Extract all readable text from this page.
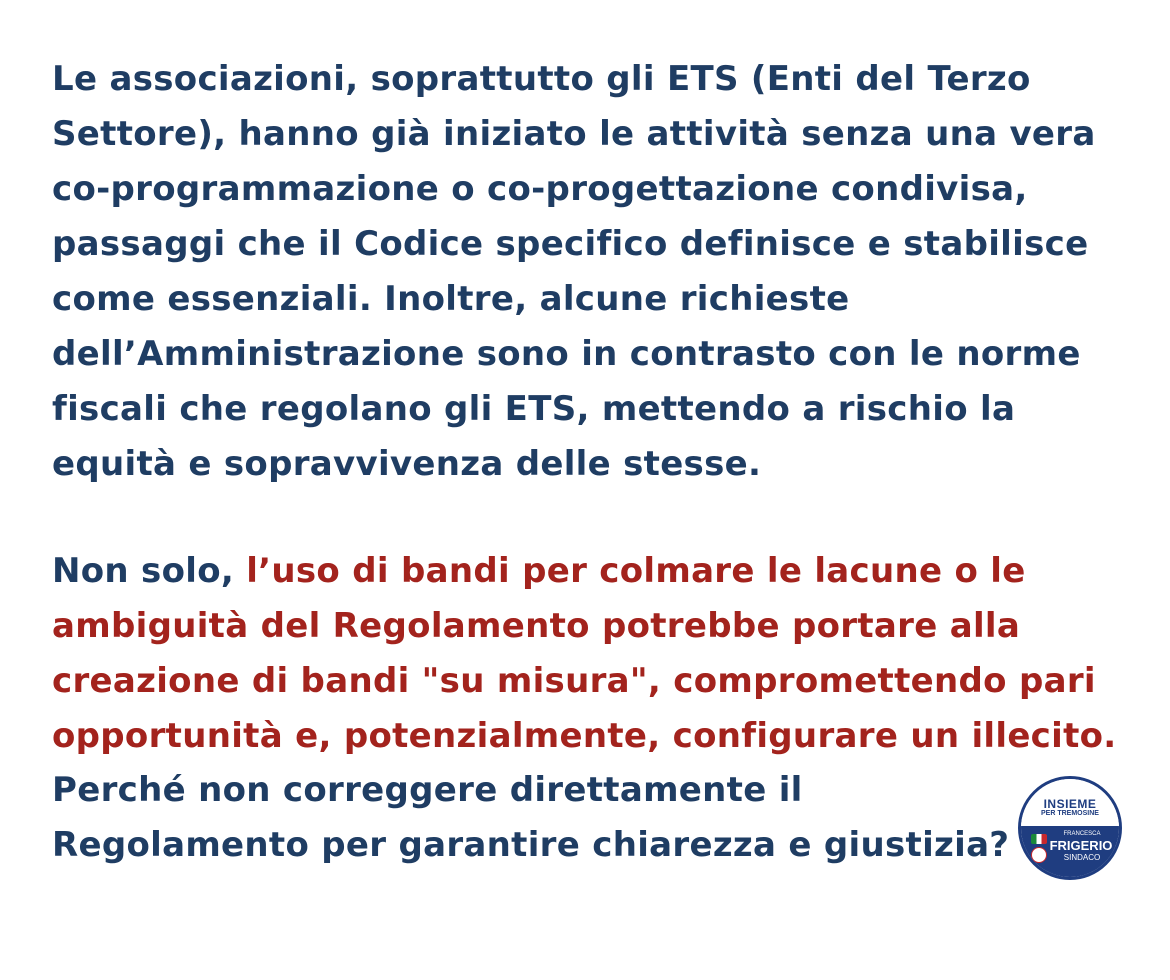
Le associazioni, soprattutto gli ETS (Enti del Terzo
Settore), hanno già iniziato le attività senza una vera
co-programmazione o co-progettazione condivisa,
passaggi che il Codice specifico definisce e stabilisce
come essenziali. Inoltre, alcune richieste
dell’Amministrazione sono in contrasto con le norme
fiscali che regolano gli ETS, mettendo a rischio la
equità e sopravvivenza delle stesse.
Non solo, l’uso di bandi per colmare le lacune o le
ambiguità del Regolamento potrebbe portare alla
creazione di bandi "su misura", compromettendo pari
opportunità e, potenzialmente, configurare un illecito.
Perché non correggere direttamente il
Regolamento per garantire chiarezza e giustizia?
INSIEME
PER TREMOSINE
FRANCESCA
FRIGERIO
SINDACO
